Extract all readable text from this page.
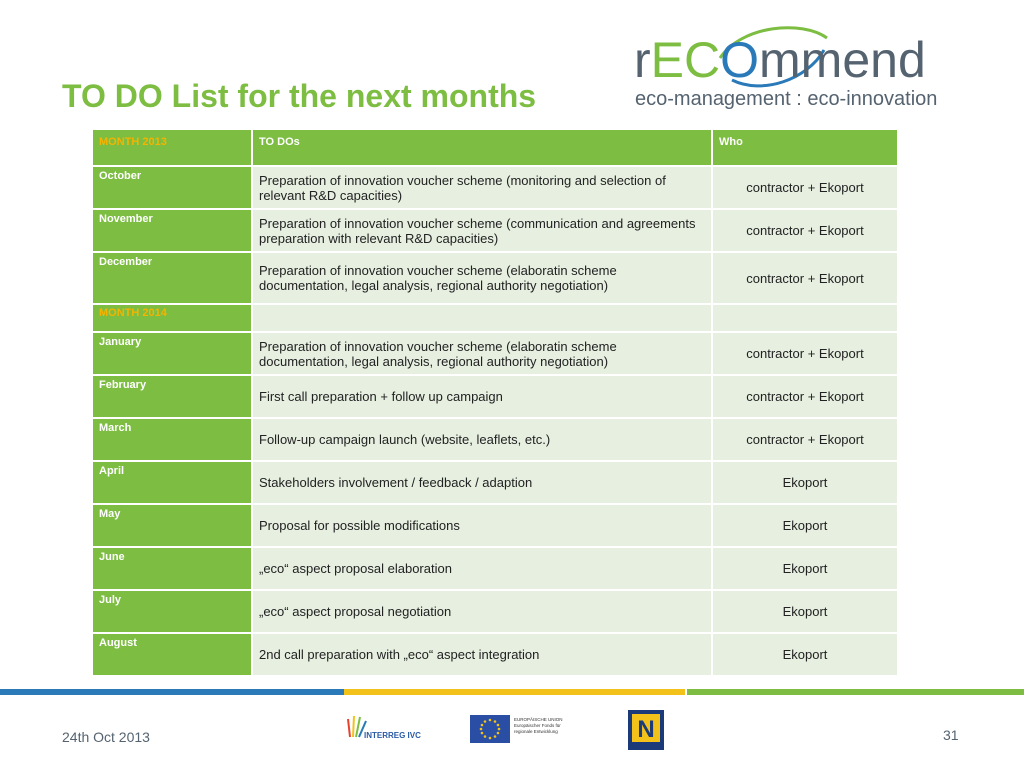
TO DO List for the next months
rECOmmend
eco-management : eco-innovation
MONTH 2013	TO DOs	Who
October	Preparation of innovation voucher scheme (monitoring and selection of relevant R&D capacities)	contractor + Ekoport
November	Preparation of innovation voucher scheme (communication and agreements preparation with relevant R&D capacities)	contractor + Ekoport
December	Preparation of innovation voucher scheme (elaboratin scheme documentation, legal analysis, regional authority negotiation)	contractor + Ekoport
MONTH 2014		
January	Preparation of innovation voucher scheme (elaboratin scheme documentation, legal analysis, regional authority negotiation)	contractor + Ekoport
February	First call preparation + follow up campaign	contractor + Ekoport
March	Follow-up campaign launch (website, leaflets, etc.)	contractor + Ekoport
April	Stakeholders involvement / feedback / adaption	Ekoport
May	Proposal for possible modifications	Ekoport
June	„eco“ aspect proposal elaboration	Ekoport
July	„eco“ aspect proposal negotiation	Ekoport
August	2nd call preparation with „eco“ aspect integration	Ekoport
24th Oct 2013	INTERREG IVC
EUROPÄISCHE UNION Europäischer Fonds für regionale Entwicklung	N	31
